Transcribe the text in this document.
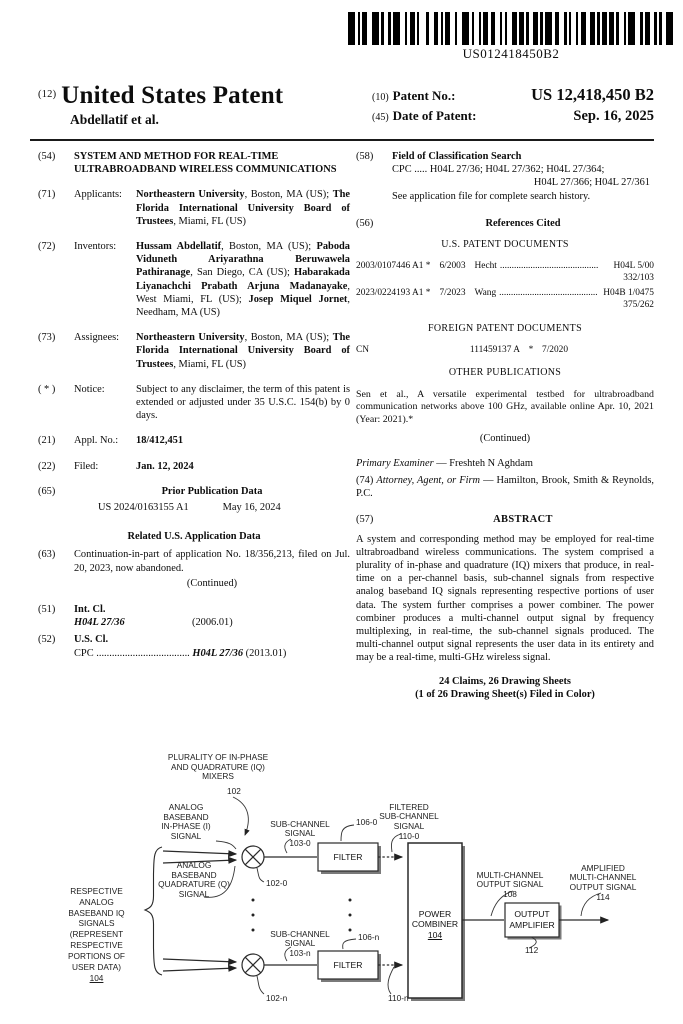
US012418450B2
$^{(12)}$ United States Patent
Abdellatif et al.
(10) Patent No.:	US 12,418,450 B2
(45) Date of Patent:	Sep. 16, 2025
(54)	SYSTEM AND METHOD FOR REAL-TIME ULTRABROADBAND WIRELESS COMMUNICATIONS
(71)	Applicants:	Northeastern University, Boston, MA (US); The Florida International University Board of Trustees, Miami, FL (US)
(72)	Inventors:	Hussam Abdellatif, Boston, MA (US); Paboda Viduneth Ariyarathna Beruwawela Pathiranage, San Diego, CA (US); Habarakada Liyanachchi Prabath Arjuna Madanayake, West Miami, FL (US); Josep Miquel Jornet, Needham, MA (US)
(73)	Assignees:	Northeastern University, Boston, MA (US); The Florida International University Board of Trustees, Miami, FL (US)
( * )	Notice:	Subject to any disclaimer, the term of this patent is extended or adjusted under 35 U.S.C. 154(b) by 0 days.
(21)	Appl. No.:	18/412,451
(22)	Filed:	Jan. 12, 2024
(65)	Prior Publication Data
US 2024/0163155 A1	May 16, 2024
Related U.S. Application Data
(63)	Continuation-in-part of application No. 18/356,213, filed on Jul. 20, 2023, now abandoned.
(Continued)
(51)	Int. Cl.
H04L 27/36	(2006.01)
(52)	U.S. Cl.
CPC .................................... H04L 27/36 (2013.01)
(58)	Field of Classification Search
CPC ..... H04L 27/36; H04L 27/362; H04L 27/364;
H04L 27/366; H04L 27/361
See application file for complete search history.
(56)	References Cited
U.S. PATENT DOCUMENTS
2003/0107446 A1 * 6/2003 Hecht ..........................................	H04L 5/00
332/103
2023/0224193 A1 * 7/2023 Wang .......................................... H04B 1/0475
375/262
FOREIGN PATENT DOCUMENTS
CN	111459137 A * 7/2020
OTHER PUBLICATIONS
Sen et al., A versatile experimental testbed for ultrabroadband communication networks above 100 GHz, available online Apr. 10, 2021 (Year: 2021).*
(Continued)
Primary Examiner — Freshteh N Aghdam
(74) Attorney, Agent, or Firm — Hamilton, Brook, Smith & Reynolds, P.C.
(57)	ABSTRACT
A system and corresponding method may be employed for real-time ultrabroadband wireless communications. The system comprised a plurality of in-phase and quadrature (IQ) mixers that produce, in real-time on a per-channel basis, sub-channel signals from respective analog baseband IQ signals representing respective portions of user data. The system further comprises a power combiner. The power combiner produces a multi-channel output signal by frequency multiplexing, in real-time, the sub-channel signals produced. The multi-channel output signal represents the user data in its entirety and may be a real-time, multi-GHz wireless signal.
24 Claims, 26 Drawing Sheets
(1 of 26 Drawing Sheet(s) Filed in Color)
PLURALITY OF IN-PHASE
AND QUADRATURE (IQ)
MIXERS
102
ANALOG
BASEBAND
IN-PHASE (I)
SIGNAL
ANALOG
BASEBAND
QUADRATURE (Q)
SIGNAL

RESPECTIVE
ANALOG
BASEBAND IQ
SIGNALS
(REPRESENT
RESPECTIVE
PORTIONS OF
USER DATA)

104

SUB-CHANNEL
SIGNAL

103-0

102-0
106-0
FILTER
FILTER

FILTERED
SUB-CHANNEL
SIGNAL

110-0

SUB-CHANNEL
SIGNAL

103-n

106-n
102-n	110-n

POWER
COMBINER

104

MULTI-CHANNEL
OUTPUT SIGNAL

108

OUTPUT
AMPLIFIER
112

AMPLIFIED
MULTI-CHANNEL
OUTPUT SIGNAL

114
